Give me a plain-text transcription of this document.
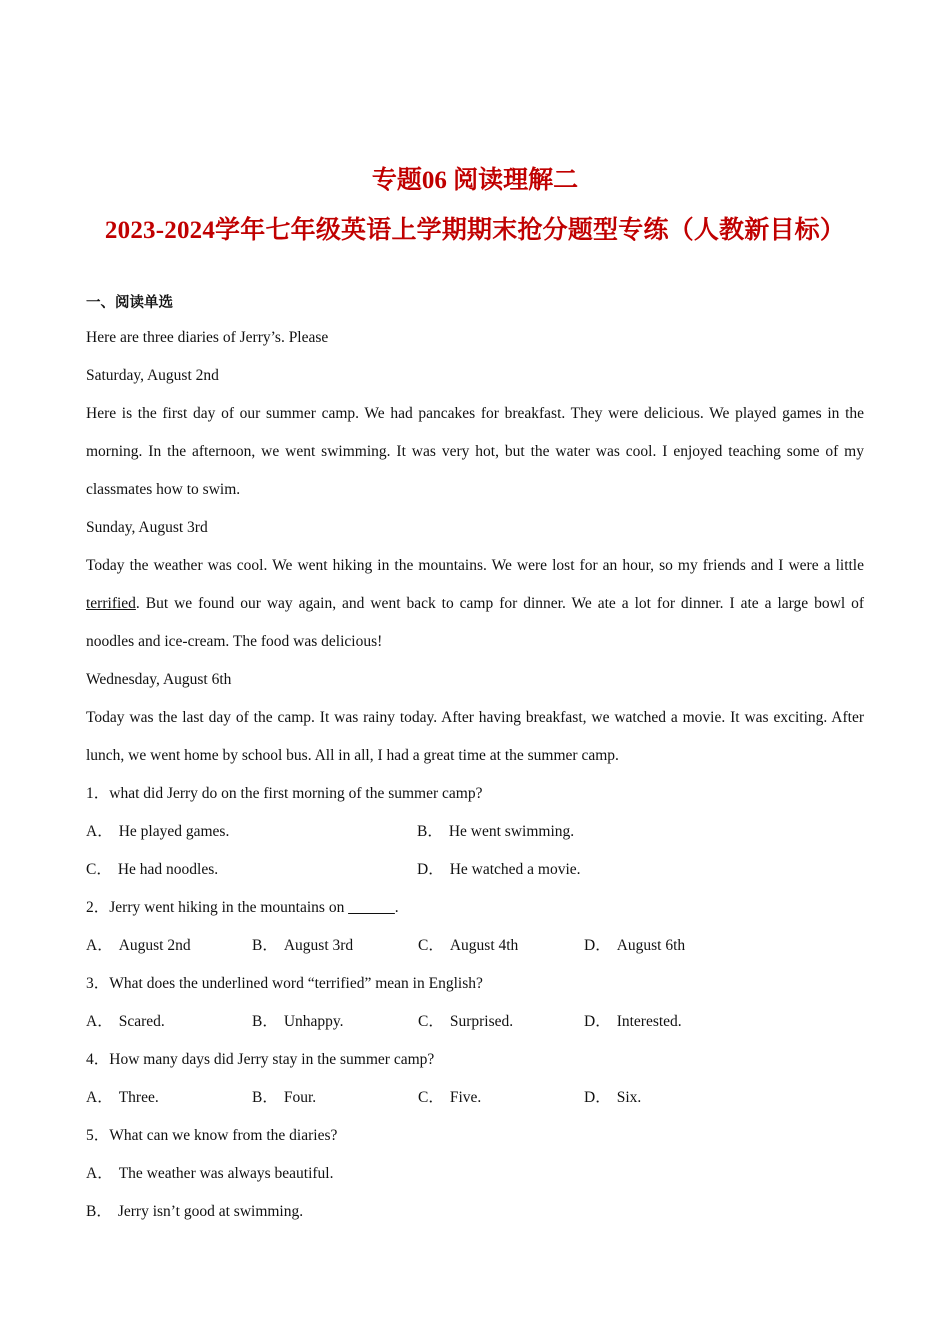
专题06 阅读理解二
2023-2024学年七年级英语上学期期末抢分题型专练（人教新目标）
一、阅读单选
Here are three diaries of Jerry’s. Please
Saturday, August 2nd
Here is the first day of our summer camp. We had pancakes for breakfast. They were delicious. We played games in the morning. In the afternoon, we went swimming. It was very hot, but the water was cool. I enjoyed teaching some of my classmates how to swim.
Sunday, August 3rd
Today the weather was cool. We went hiking in the mountains. We were lost for an hour, so my friends and I were a little terrified. But we found our way again, and went back to camp for dinner. We ate a lot for dinner. I ate a large bowl of noodles and ice-cream. The food was delicious!
Wednesday, August 6th
Today was the last day of the camp. It was rainy today. After having breakfast, we watched a movie. It was exciting. After lunch, we went home by school bus. All in all, I had a great time at the summer camp.
1．what did Jerry do on the first morning of the summer camp?
A． He played games.	B． He went swimming.
C． He had noodles.	D． He watched a movie.
2．Jerry went hiking in the mountains on ______.
A． August 2nd	B． August 3rd	C． August 4th	D． August 6th
3．What does the underlined word “terrified” mean in English?
A． Scared.	B． Unhappy.	C． Surprised.	D． Interested.
4．How many days did Jerry stay in the summer camp?
A． Three.	B． Four.	C． Five.	D． Six.
5．What can we know from the diaries?
A． The weather was always beautiful.
B． Jerry isn’t good at swimming.
